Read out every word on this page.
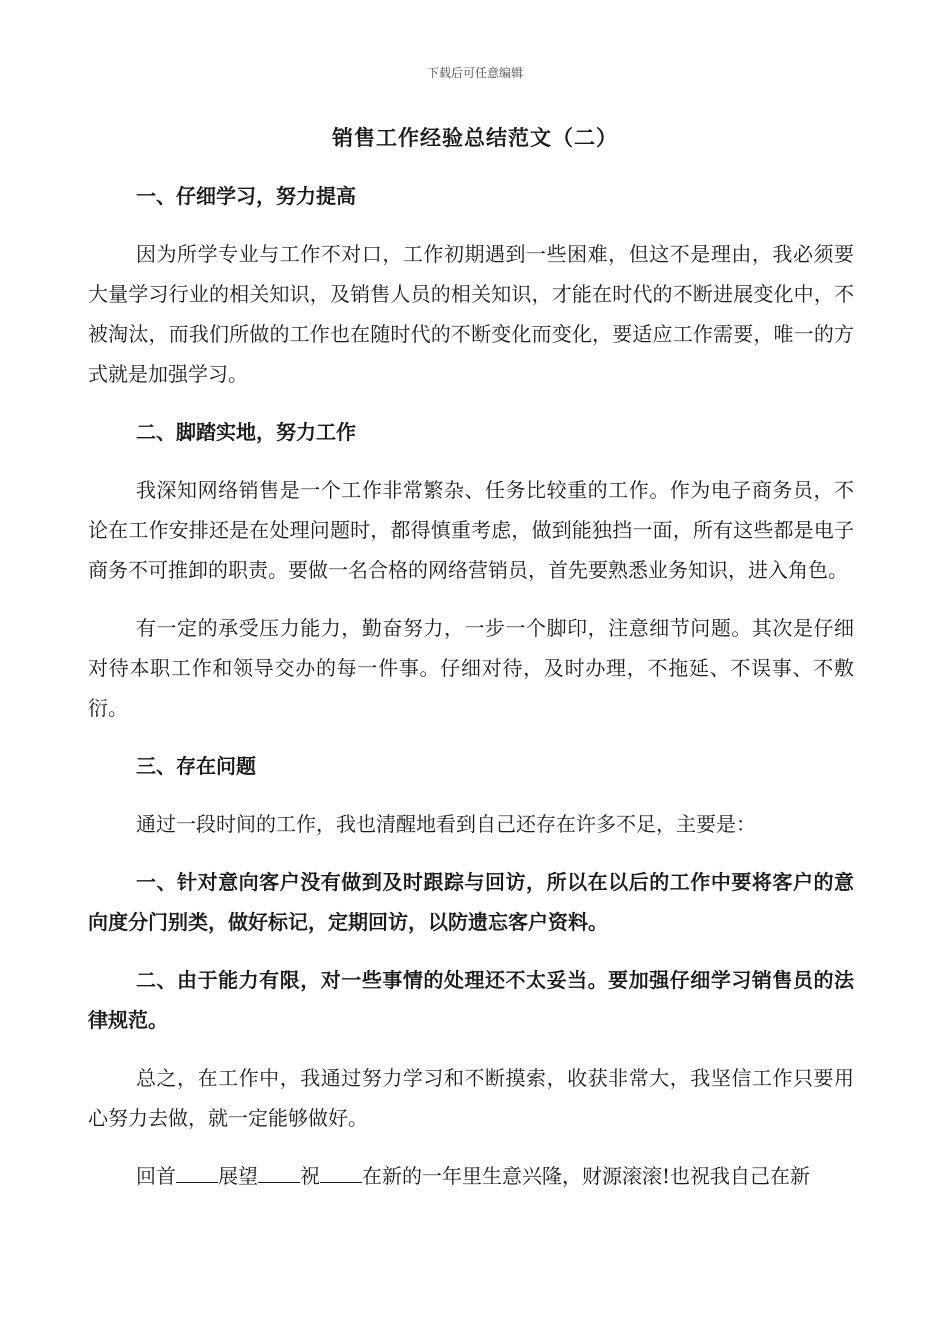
下载后可任意编辑
销售工作经验总结范文（二）

一、仔细学习，努力提高

因为所学专业与工作不对口，工作初期遇到一些困难，但这不是理由，我必须要大量学习行业的相关知识，及销售人员的相关知识，才能在时代的不断进展变化中，不被淘汰，而我们所做的工作也在随时代的不断变化而变化，要适应工作需要，唯一的方式就是加强学习。

二、脚踏实地，努力工作

我深知网络销售是一个工作非常繁杂、任务比较重的工作。作为电子商务员，不论在工作安排还是在处理问题时，都得慎重考虑，做到能独挡一面，所有这些都是电子商务不可推卸的职责。要做一名合格的网络营销员，首先要熟悉业务知识，进入角色。

有一定的承受压力能力，勤奋努力，一步一个脚印，注意细节问题。其次是仔细对待本职工作和领导交办的每一件事。仔细对待，及时办理，不拖延、不误事、不敷衍。

三、存在问题

通过一段时间的工作，我也清醒地看到自己还存在许多不足，主要是：

一、针对意向客户没有做到及时跟踪与回访，所以在以后的工作中要将客户的意向度分门别类，做好标记，定期回访，以防遗忘客户资料。

二、由于能力有限，对一些事情的处理还不太妥当。要加强仔细学习销售员的法律规范。

总之，在工作中，我通过努力学习和不断摸索，收获非常大，我坚信工作只要用心努力去做，就一定能够做好。

回首 展望 祝 在新的一年里生意兴隆，财源滚滚!也祝我自己在新
